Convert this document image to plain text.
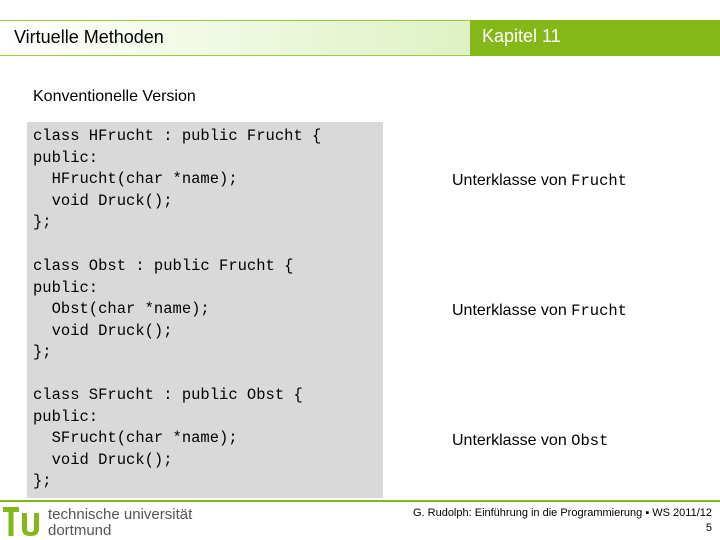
Virtuelle Methoden	Kapitel 11
Konventionelle Version
class HFrucht : public Frucht {
public:
HFrucht(char *name);
void Druck();
};
class Obst : public Frucht {
public:
Obst(char *name);
void Druck();
};
class SFrucht : public Obst {
public:
SFrucht(char *name);
void Druck();
};
Unterklasse von Frucht
Unterklasse von Frucht
Unterklasse von Obst
technische universität
dortmund
G. Rudolph: Einführung in die Programmierung ▪ WS 2011/12
5
